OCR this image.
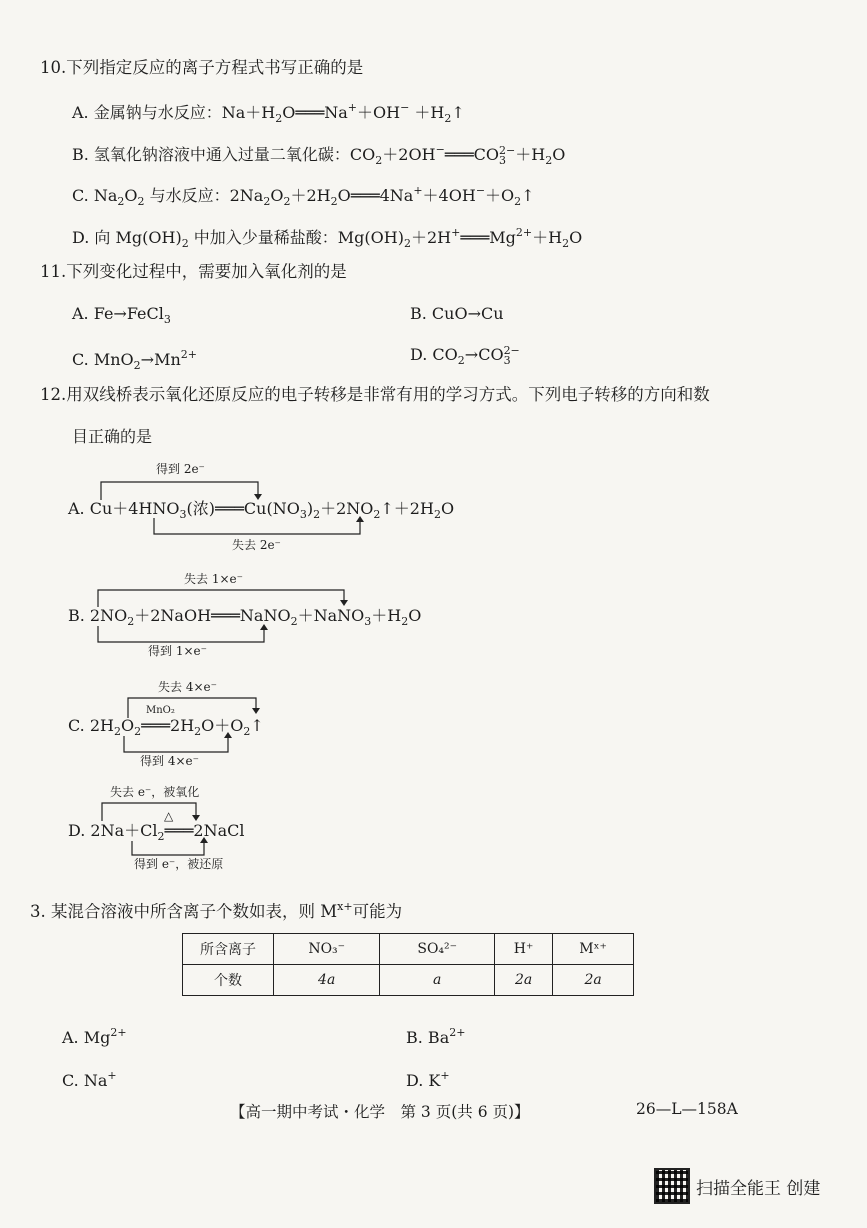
10.下列指定反应的离子方程式书写正确的是
A. 金属钠与水反应：$Na+H_2O═══Na^++OH^-$ $+H_2↑$
B. 氢氧化钠溶液中通入过量二氧化碳：$CO_2+2OH^-═══CO$ 2−
$3 +H_2O$
C. $Na_2O_2$ 与水反应：$2Na_2O_2+2H_2O═══4Na^++4OH^-+O_2↑$
D. 向 $Mg(OH)_2$ 中加入少量稀盐酸：$Mg(OH)_2+2H^+═══Mg^{2+}+H_2O$
11.下列变化过程中，需要加入氧化剂的是
A. Fe→FeCl$_3$	B. CuO→Cu
C. $MnO_2\to Mn^{2+}$	D. $CO_2\to CO$ 2−
3
12.用双线桥表示氧化还原反应的电子转移是非常有用的学习方式。下列电子转移的方向和数
目正确的是
得到 2e⁻
A. $Cu+4HNO_3$(浓)$═══Cu(NO_3)_2+2NO_2↑+2H_2O$
失去 2e⁻
失去 1×e⁻
B. $2NO_2+2NaOH═══NaNO_2+NaNO_3+H_2O$
得到 1×e⁻
失去 4×e⁻
MnO₂
C. $2H_2O_2═══2H_2O+O_2↑$
得到 4×e⁻
失去 e⁻，被氧化
△
D. $2Na+Cl_2═══2NaCl$
得到 e⁻，被还原
3. 某混合溶液中所含离子个数如表，则 $M^{x+}$可能为
所含离子	NO₃⁻	SO₄²⁻	H⁺	Mˣ⁺
个数	4a	a	2a	2a
A. $Mg^{2+}$	B. $Ba^{2+}$
C. Na+	D. K+
【高一期中考试・化学　第 3 页(共 6 页)】	26—L—158A
扫描全能王 创建
